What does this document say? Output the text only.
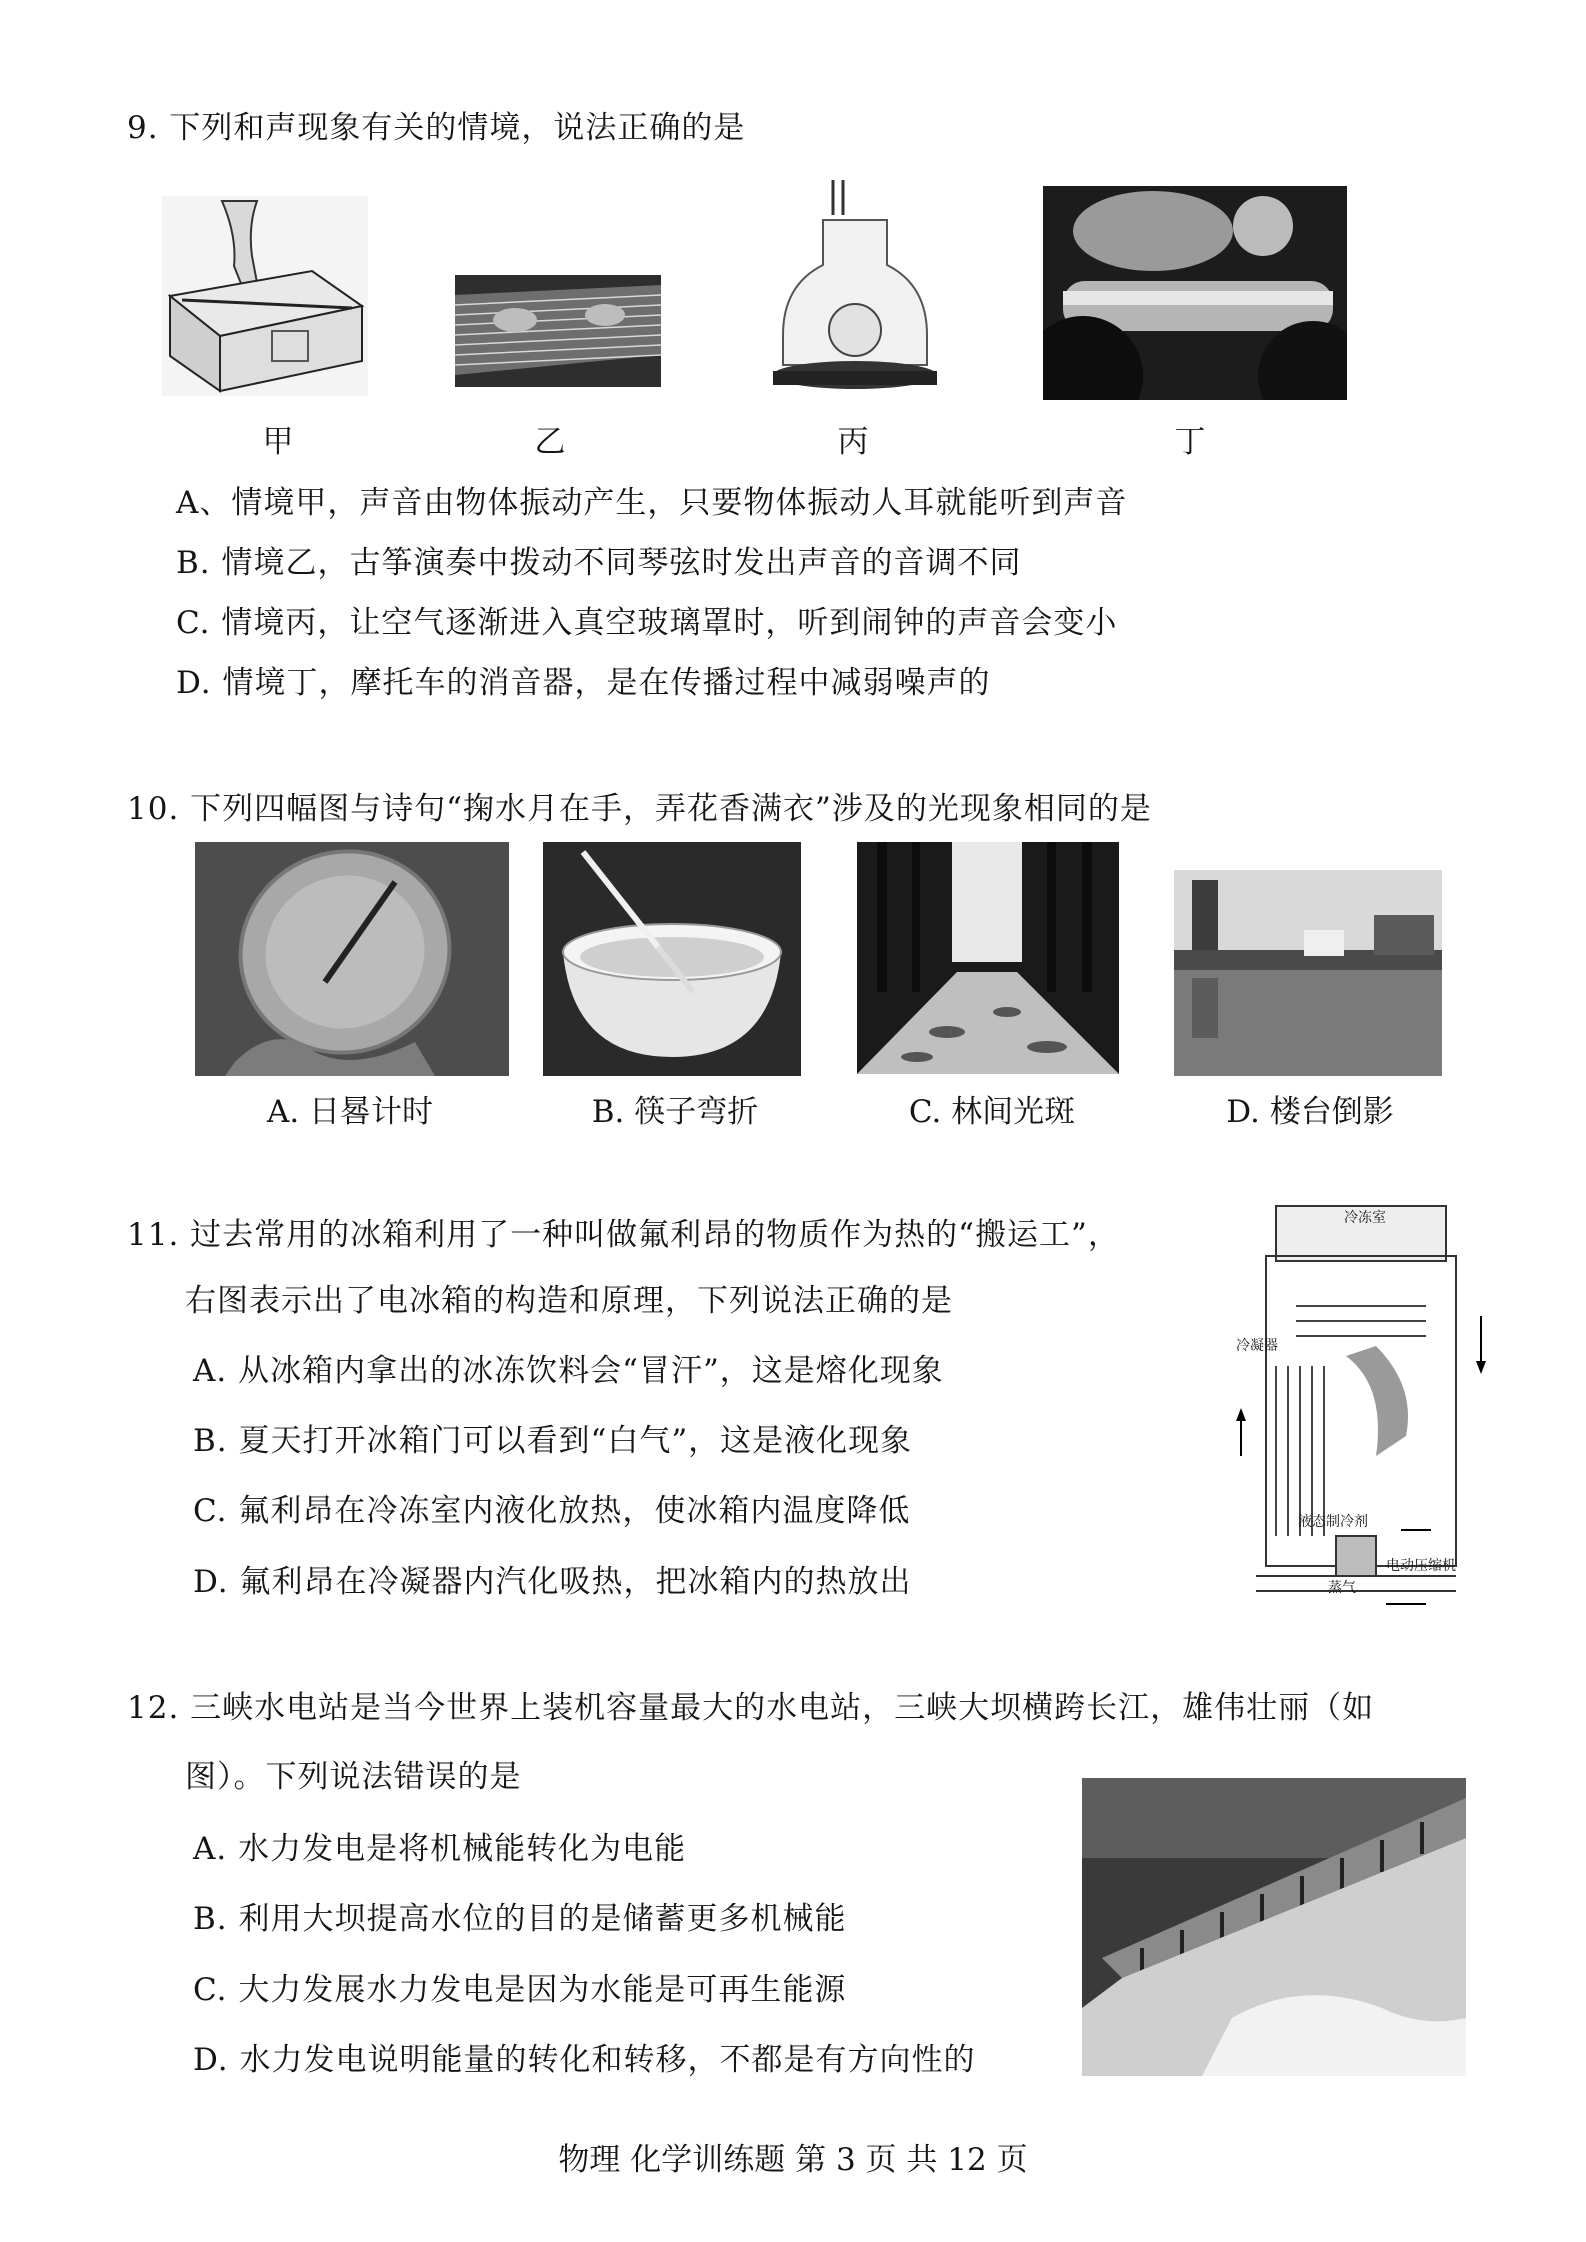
9. 下列和声现象有关的情境，说法正确的是
甲	乙	丙	丁
A、情境甲，声音由物体振动产生，只要物体振动人耳就能听到声音
B. 情境乙，古筝演奏中拨动不同琴弦时发出声音的音调不同
C. 情境丙，让空气逐渐进入真空玻璃罩时，听到闹钟的声音会变小
D. 情境丁，摩托车的消音器，是在传播过程中减弱噪声的
10. 下列四幅图与诗句“掬水月在手，弄花香满衣”涉及的光现象相同的是
A. 日晷计时	B. 筷子弯折	C. 林间光斑	D. 楼台倒影
11. 过去常用的冰箱利用了一种叫做氟利昂的物质作为热的“搬运工”，
右图表示出了电冰箱的构造和原理，下列说法正确的是
A. 从冰箱内拿出的冰冻饮料会“冒汗”，这是熔化现象
B. 夏天打开冰箱门可以看到“白气”，这是液化现象
C. 氟利昂在冷冻室内液化放热，使冰箱内温度降低
D. 氟利昂在冷凝器内汽化吸热，把冰箱内的热放出
冷冻室
冷凝器
液态制冷剂
电动压缩机
蒸气
12. 三峡水电站是当今世界上装机容量最大的水电站，三峡大坝横跨长江，雄伟壮丽（如
图）。下列说法错误的是
A. 水力发电是将机械能转化为电能
B. 利用大坝提高水位的目的是储蓄更多机械能
C. 大力发展水力发电是因为水能是可再生能源
D. 水力发电说明能量的转化和转移，不都是有方向性的
物理 化学训练题 第 3 页 共 12 页
